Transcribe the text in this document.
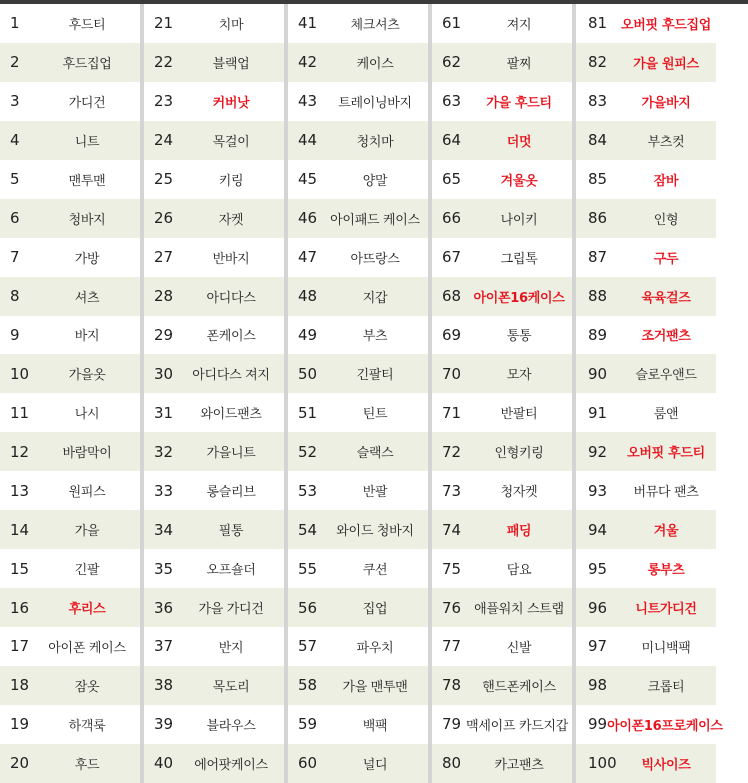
1	후드티
2	후드집업
3	가디건
4	니트
5	맨투맨
6	청바지
7	가방
8	셔츠
9	바지
10	가을옷
11	나시
12	바람막이
13	원피스
14	가을
15	긴팔
16	후리스
17	아이폰 케이스
18	잠옷
19	하객룩
20	후드
21	치마
22	블랙업
23	커버낫
24	목걸이
25	키링
26	자켓
27	반바지
28	아디다스
29	폰케이스
30	아디다스 져지
31	와이드팬츠
32	가을니트
33	롱슬리브
34	필통
35	오프숄더
36	가을 가디건
37	반지
38	목도리
39	블라우스
40	에어팟케이스
41	체크셔츠
42	케이스
43	트레이닝바지
44	청치마
45	양말
46	아이패드 케이스
47	아뜨랑스
48	지갑
49	부츠
50	긴팔티
51	틴트
52	슬랙스
53	반팔
54	와이드 청바지
55	쿠션
56	집업
57	파우치
58	가을 맨투맨
59	백팩
60	널디
61	져지
62	팔찌
63	가을 후드티
64	더멋
65	겨울옷
66	나이키
67	그립톡
68 아이폰16케이스
69	통통
70	모자
71	반팔티
72	인형키링
73	청자켓
74	패딩
75	담요
76	애플워치 스트랩
77	신발
78	핸드폰케이스
79 맥세이프 카드지갑
80	카고팬츠
81	오버핏 후드집업
82	가을 원피스
83	가을바지
84	부츠컷
85	잠바
86	인형
87	구두
88	육육걸즈
89	조거팬츠
90	슬로우앤드
91	룸앤
92	오버핏 후드티
93	버뮤다 팬츠
94	겨울
95	롱부츠
96	니트가디건
97	미니백팩
98	크롭티
99 아이폰16프로케이스
100	빅사이즈
